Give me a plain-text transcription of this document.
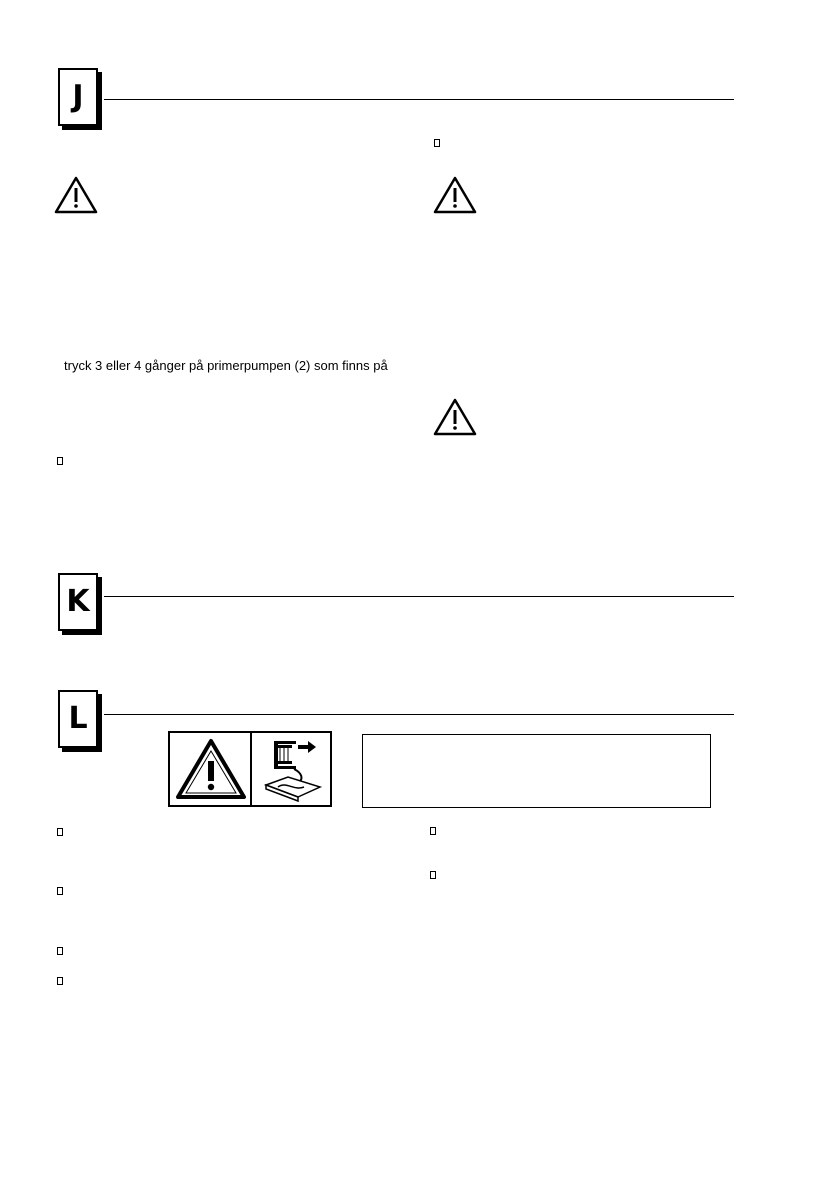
J
tryck 3 eller 4 gånger på primerpumpen (2) som finns på
K
L
